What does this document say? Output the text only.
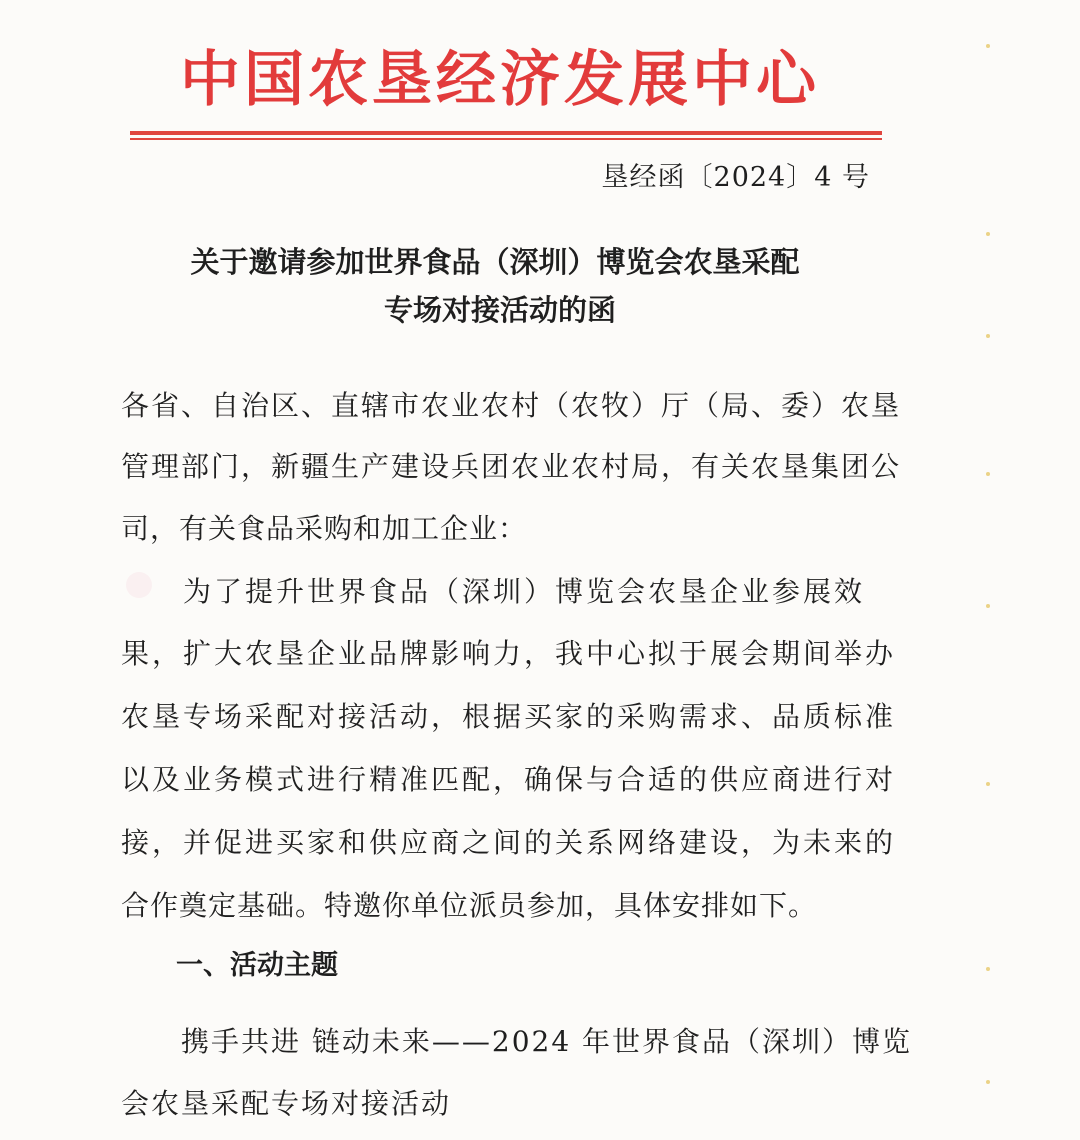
中国农垦经济发展中心
垦经函〔2024〕4 号
关于邀请参加世界食品（深圳）博览会农垦采配
专场对接活动的函
各省、自治区、直辖市农业农村（农牧）厅（局、委）农垦
管理部门，新疆生产建设兵团农业农村局，有关农垦集团公
司，有关食品采购和加工企业：
　　为了提升世界食品（深圳）博览会农垦企业参展效
果，扩大农垦企业品牌影响力，我中心拟于展会期间举办
农垦专场采配对接活动，根据买家的采购需求、品质标准
以及业务模式进行精准匹配，确保与合适的供应商进行对
接，并促进买家和供应商之间的关系网络建设，为未来的
合作奠定基础。特邀你单位派员参加，具体安排如下。
一、活动主题
　　携手共进 链动未来——2024 年世界食品（深圳）博览
会农垦采配专场对接活动
